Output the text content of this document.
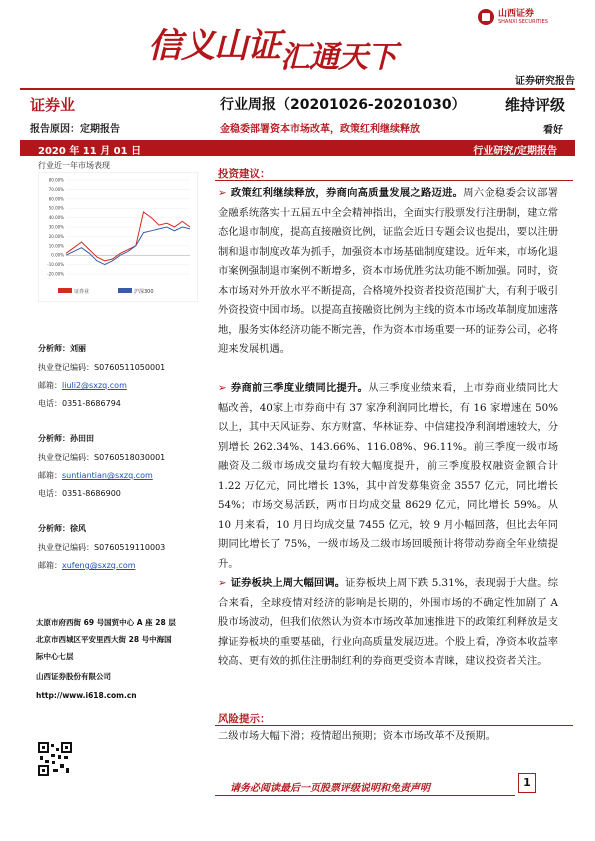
信义山证汇通天下
山西证券
SHANXI SECURITIES
证券研究报告
证券业	行业周报（20201026-20201030）	维持评级
报告原因：定期报告	金稳委部署资本市场改革，政策红利继续释放	看好
2020 年 11 月 01 日	行业研究/定期报告
行业近一年市场表现
80.00%
70.00%
60.00%
50.00%
40.00%
30.00%
20.00%
10.00%
0.00%
-10.00%
-20.00%
证券业	沪深300
分析师：刘丽
执业登记编码：S0760511050001
邮箱：liuli2@sxzq.com
电话：0351-8686794
分析师：孙田田
执业登记编码：S0760518030001
邮箱：suntiantian@sxzq.com
电话：0351-8686900
分析师：徐风
执业登记编码：S0760519110003
邮箱：xufeng@sxzq.com
太原市府西街 69 号国贸中心 A 座 28 层
北京市西城区平安里西大街 28 号中海国
际中心七层
山西证券股份有限公司
http://www.i618.com.cn
投资建议：
➢ 政策红利继续释放，券商向高质量发展之路迈进。周六金稳委会议部署金融系统落实十五届五中全会精神指出，全面实行股票发行注册制，建立常态化退市制度，提高直接融资比例，证监会近日专题会议也提出，要以注册制和退市制度改革为抓手，加强资本市场基础制度建设。近年来，市场化退市案例强制退市案例不断增多，资本市场优胜劣汰功能不断加强。同时，资本市场对外开放水平不断提高，合格境外投资者投资范围扩大，有利于吸引外资投资中国市场。以提高直接融资比例为主线的资本市场改革制度加速落地，服务实体经济功能不断完善，作为资本市场重要一环的证券公司，必将迎来发展机遇。
➢ 券商前三季度业绩同比提升。从三季度业绩来看，上市券商业绩同比大幅改善，40家上市券商中有 37 家净利润同比增长，有 16 家增速在 50%以上，其中天风证券、东方财富、华林证券、中信建投净利润增速较大，分别增长 262.34%、143.66%、116.08%、96.11%。前三季度一级市场融资及二级市场成交量均有较大幅度提升，前三季度股权融资金额合计 1.22 万亿元，同比增长 13%，其中首发募集资金 3557 亿元，同比增长 54%；市场交易活跃，两市日均成交量 8629 亿元，同比增长 59%。从 10 月来看，10 月日均成交量 7455 亿元，较 9 月小幅回落，但比去年同期同比增长了 75%，一级市场及二级市场回暖预计将带动券商全年业绩提升。
➢ 证券板块上周大幅回调。证券板块上周下跌 5.31%，表现弱于大盘。综合来看，全球疫情对经济的影响是长期的，外围市场的不确定性加剧了 A 股市场波动，但我们依然认为资本市场改革加速推进下的政策红利释放是支撑证券板块的重要基础，行业向高质量发展迈进。个股上看，净资本收益率较高、更有效的抓住注册制红利的券商更受资本青睐，建议投资者关注。
风险提示：
二级市场大幅下滑；疫情超出预期；资本市场改革不及预期。
请务必阅读最后一页股票评级说明和免责声明	1
